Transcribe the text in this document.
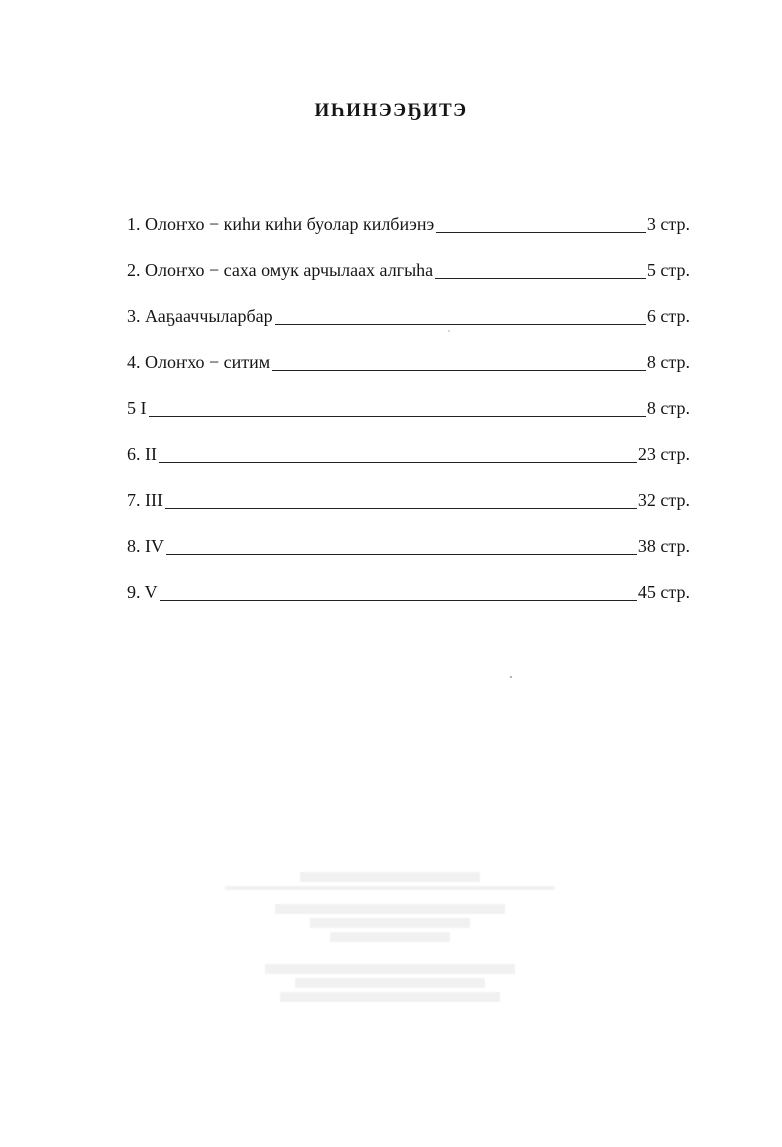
ИҺИНЭЭҔИТЭ
1. Олоҥхо − киһи киһи буолар килбиэнэ	3 стр.
2. Олоҥхо − саха омук арчылаах алгыһа	5 стр.
3. Ааҕааччыларбар	6 стр.
4. Олоҥхо − ситим	8 стр.
5 I	8 стр.
6. II	23 стр.
7. III	32 стр.
8. IV	38 стр.
9. V	45 стр.
